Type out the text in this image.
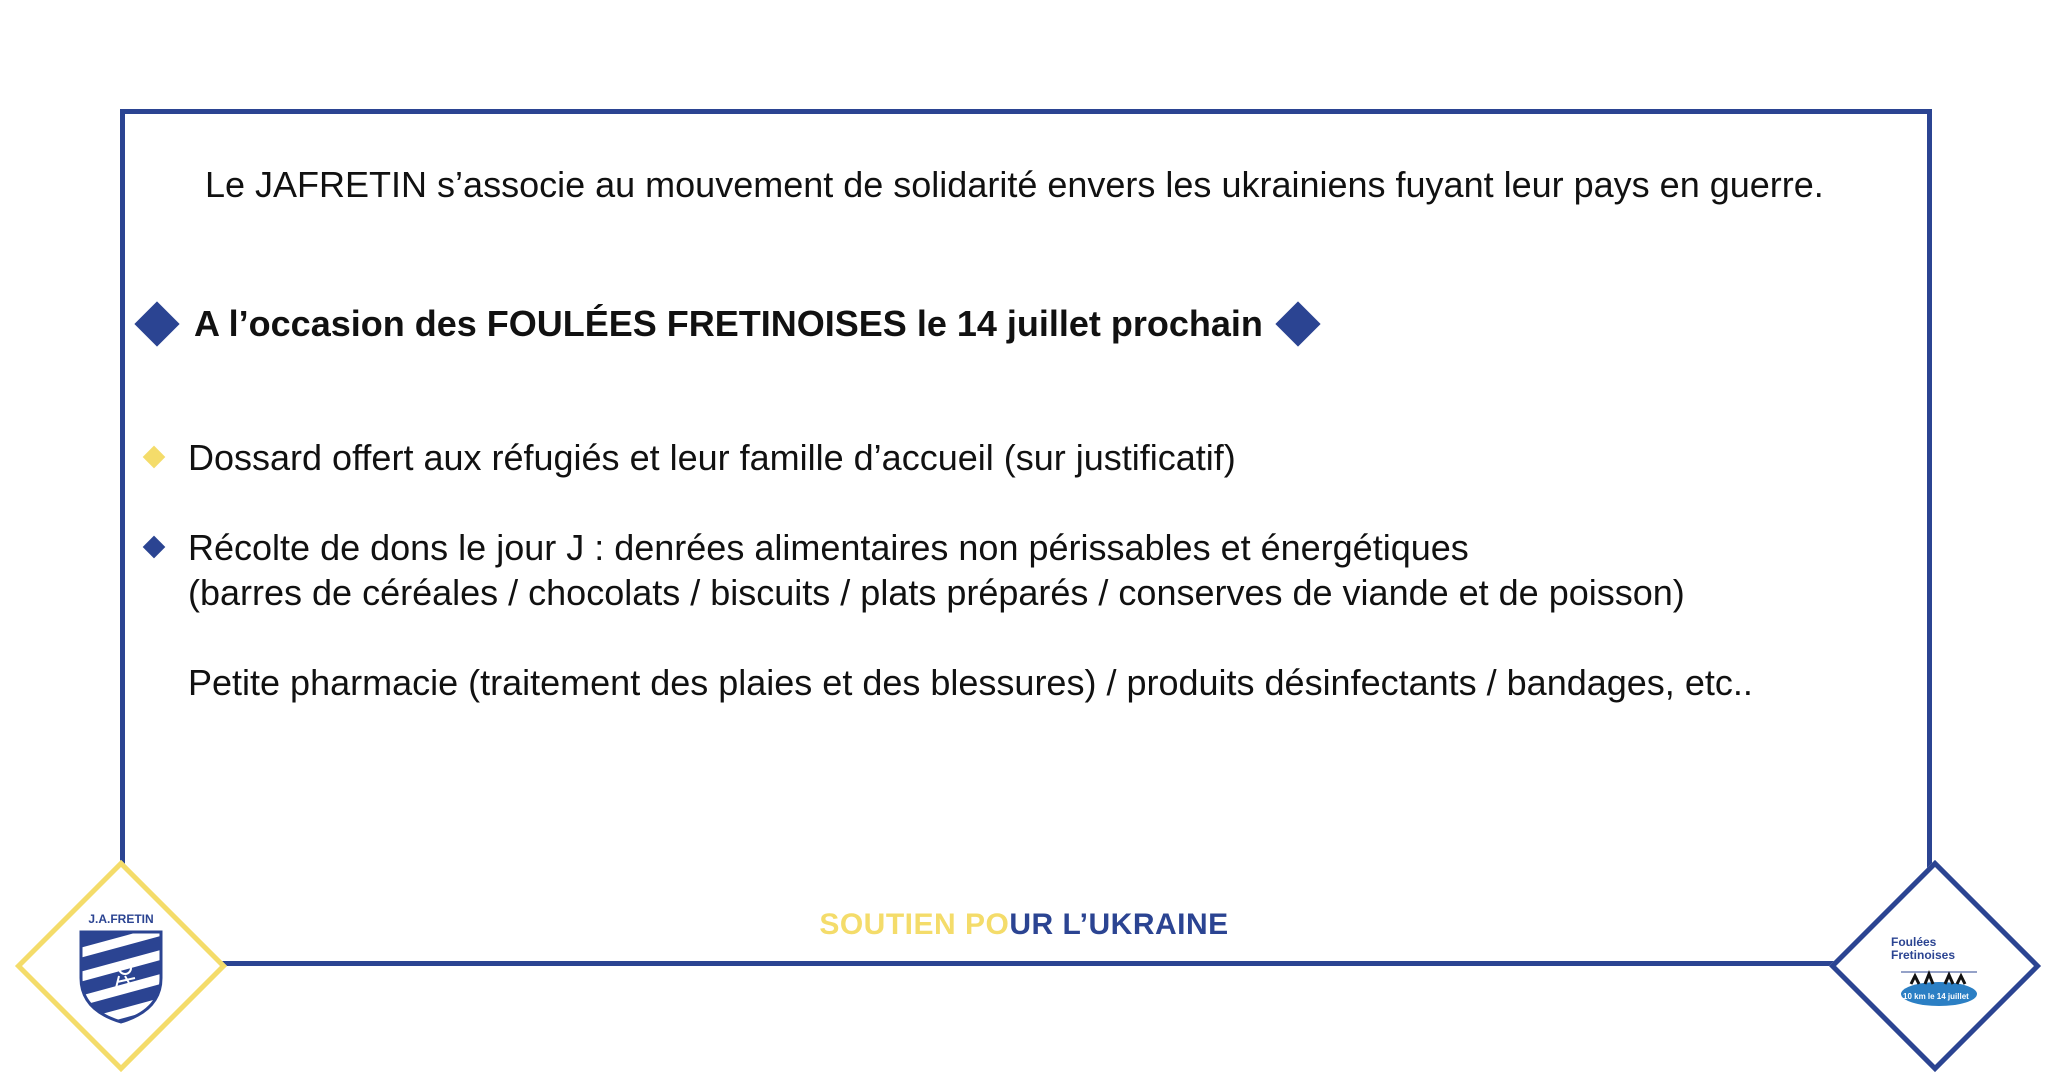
Le JAFRETIN s’associe au mouvement de solidarité envers les ukrainiens fuyant leur pays en guerre.

A l’occasion des FOULÉES FRETINOISES le 14 juillet prochain

Dossard offert aux réfugiés et leur famille d’accueil (sur justificatif)

Récolte de dons le jour J : denrées alimentaires non périssables et énergétiques

(barres de céréales / chocolats / biscuits / plats préparés / conserves de viande et de poisson)

Petite pharmacie (traitement des plaies et des blessures) / produits désinfectants / bandages, etc..

SOUTIEN POUR L’UKRAINE

J.A.FRETIN

Foulées
Fretinoises
10 km le 14 juillet
